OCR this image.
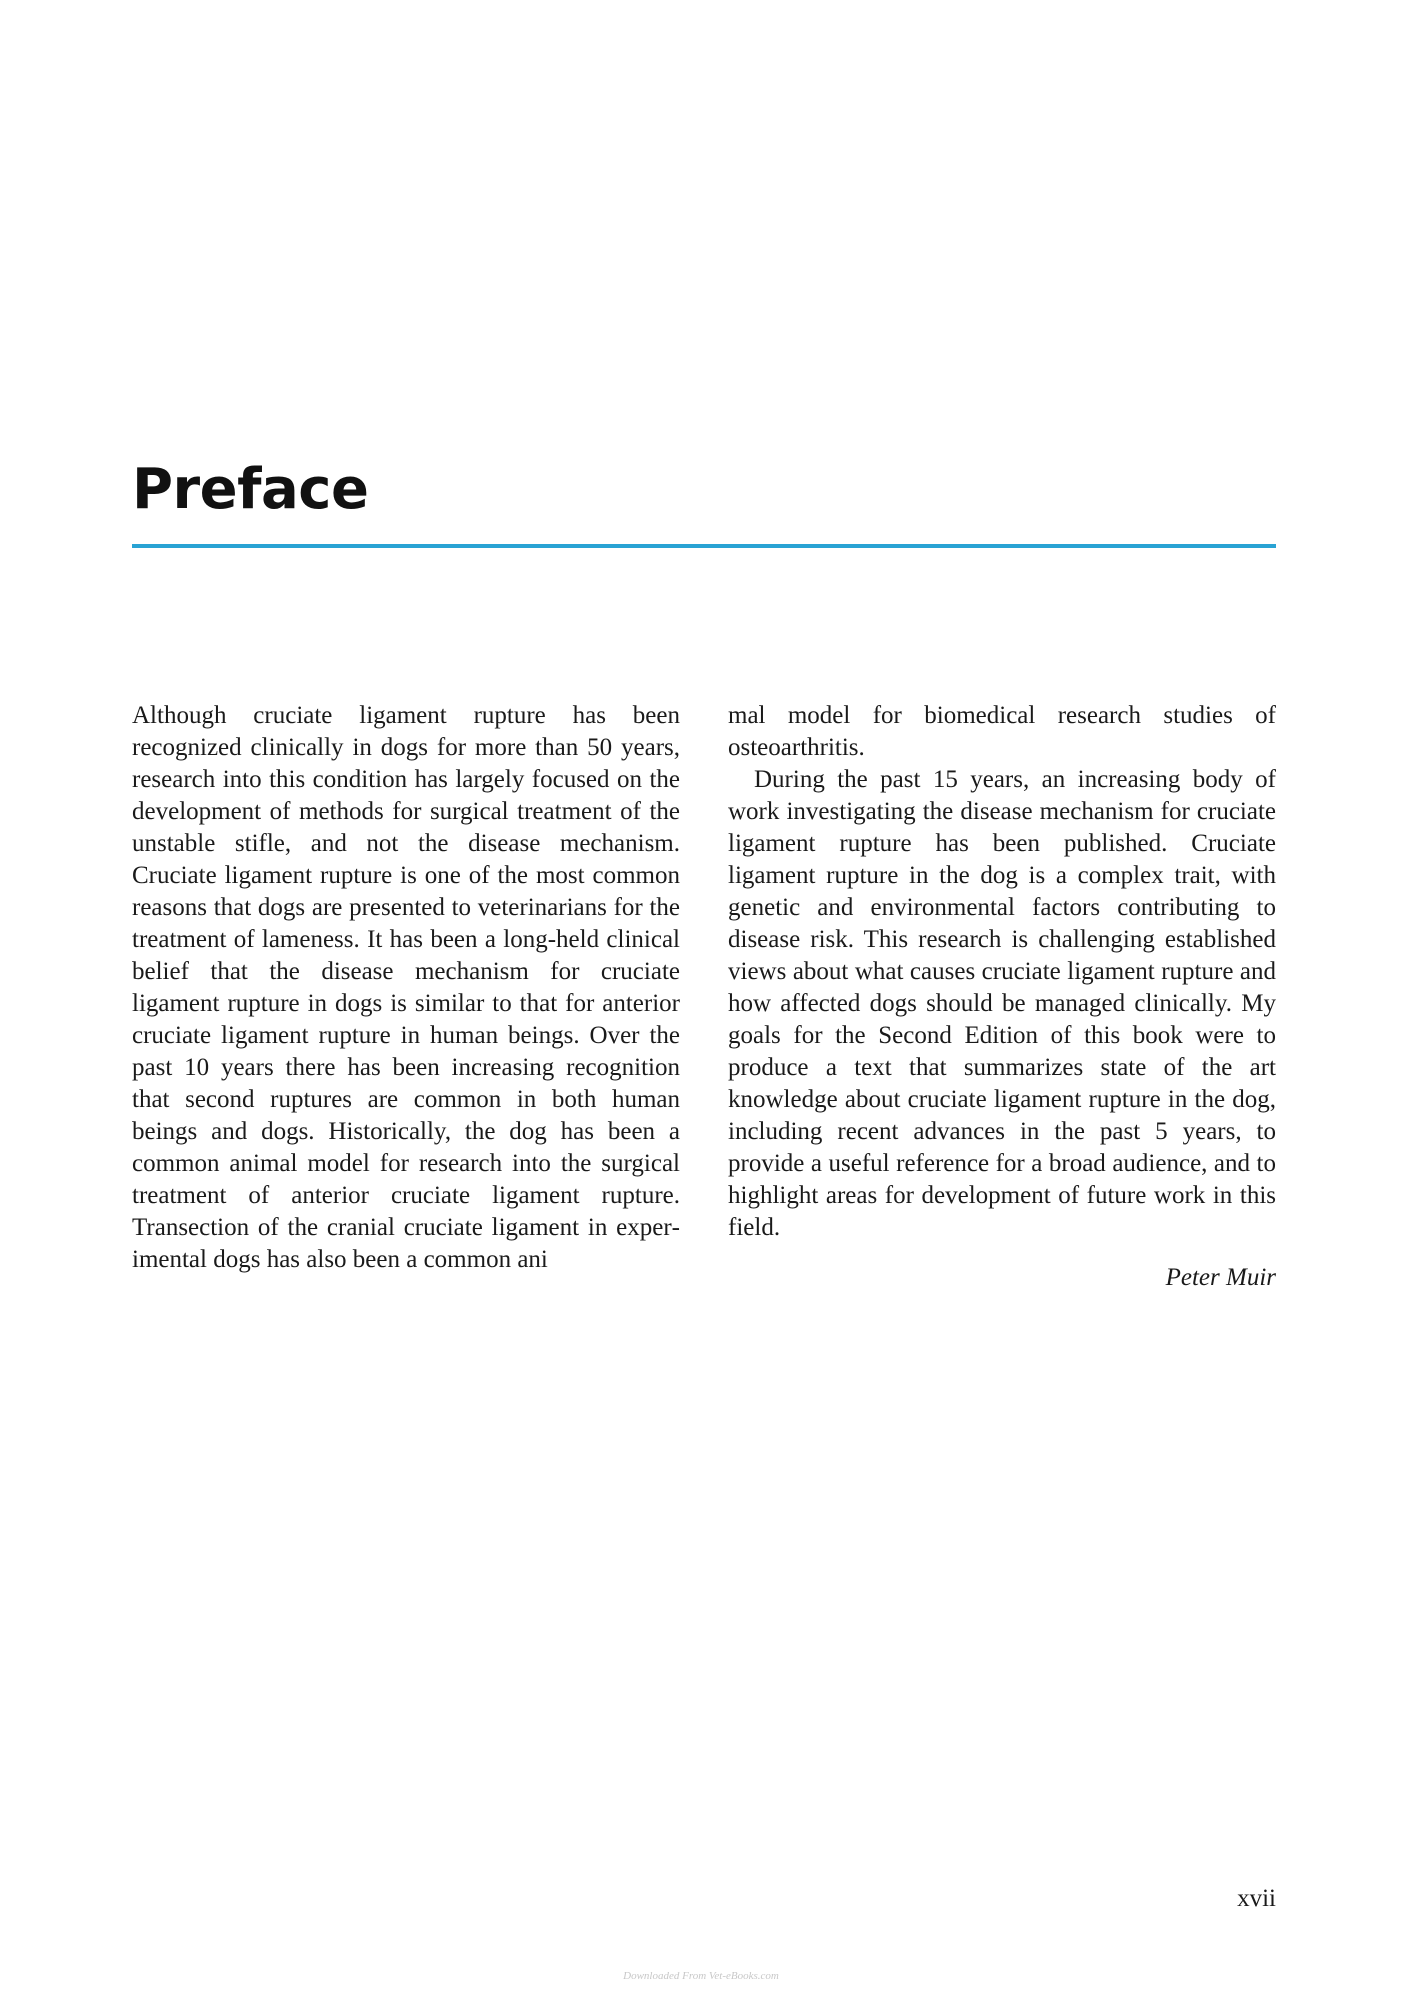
Preface

Although cruciate ligament rupture has been recognized clinically in dogs for more than 50 years, research into this condition has largely focused on the development of methods for surgical treatment of the unstable stifle, and not the disease mechanism. Cruciate ligament rupture is one of the most common reasons that dogs are presented to veterinarians for the treatment of lameness. It has been a long-held clinical belief that the disease mechanism for cruciate ligament rupture in dogs is similar to that for anterior cruciate ligament rupture in human beings. Over the past 10 years there has been increasing recognition that second ruptures are common in both human beings and dogs. Historically, the dog has been a common animal model for research into the surgical treatment of anterior cruciate ligament rupture. Transection of the cranial cruciate ligament in experimental dogs has also been a common ani

mal model for biomedical research studies of osteoarthritis.

During the past 15 years, an increasing body of work investigating the disease mechanism for cruciate ligament rupture has been published. Cruciate ligament rupture in the dog is a complex trait, with genetic and environmental factors contributing to disease risk. This research is challenging established views about what causes cruciate ligament rupture and how affected dogs should be managed clinically. My goals for the Second Edition of this book were to produce a text that summarizes state of the art knowledge about cruciate ligament rupture in the dog, including recent advances in the past 5 years, to provide a useful reference for a broad audience, and to highlight areas for development of future work in this field.

Peter Muir

xvii
Downloaded From Vet-eBooks.com
